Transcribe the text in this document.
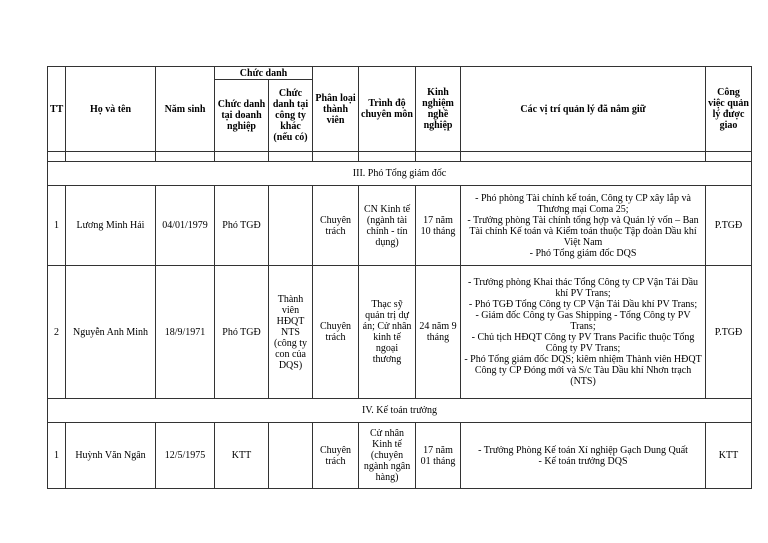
TT	Họ và tên	Năm sinh	Chức danh		Phân loại thành viên	Trình độ chuyên môn	Kinh nghiệm nghề nghiệp	Các vị trí quản lý đã nắm giữ	Công việc quản lý được giao
			Chức danh tại doanh nghiệp	Chức danh tại công ty khác (nếu có)					

III. Phó Tổng giám đốc									
1	Lương Minh Hải	04/01/1979	Phó TGĐ		Chuyên trách	CN Kinh tế (ngành tài chính - tín dụng)	17 năm 10 tháng	- Phó phòng Tài chính kế toán, Công ty CP xây lắp và Thương mại Coma 25;
- Trưởng phòng Tài chính tổng hợp và Quản lý vốn – Ban Tài chính Kế toán và Kiểm toán thuộc Tập đoàn Dầu khí Việt Nam
- Phó Tổng giám đốc DQS	P.TGĐ
2	Nguyễn Anh Minh	18/9/1971	Phó TGĐ	Thành viên HĐQT NTS (công ty con của DQS)	Chuyên trách	Thạc sỹ quản trị dự án; Cử nhân kinh tế ngoại thương	24 năm 9 tháng	- Trưởng phòng Khai thác Tổng Công ty CP Vận Tải Dầu khí PV Trans;
- Phó TGĐ Tổng Công ty CP Vận Tải Dầu khí PV Trans;
- Giám đốc Công ty Gas Shipping - Tổng Công ty PV Trans;
- Chủ tịch HĐQT Công ty PV Trans Pacific thuộc Tổng Công ty PV Trans;
- Phó Tổng giám đốc DQS; kiêm nhiệm Thành viên HĐQT Công ty CP Đóng mới và S/c Tàu Dầu khí Nhơn trạch (NTS)	P.TGĐ
IV. Kế toán trưởng									
1	Huỳnh Văn Ngân	12/5/1975	KTT		Chuyên trách	Cử nhân Kinh tế (chuyên ngành ngân hàng)	17 năm 01 tháng	- Trưởng Phòng Kế toán Xí nghiệp Gạch Dung Quất
- Kế toán trưởng DQS	KTT
